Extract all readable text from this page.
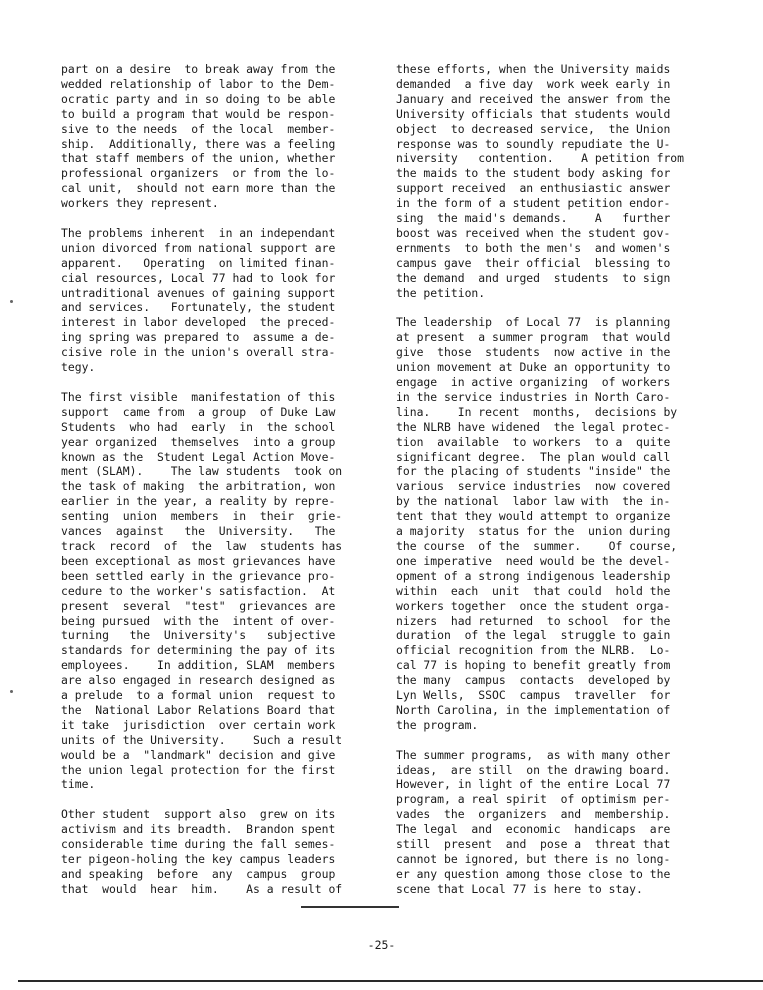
part on a desire  to break away from the
wedded relationship of labor to the Dem-
ocratic party and in so doing to be able
to build a program that would be respon-
sive to the needs  of the local  member-
ship.  Additionally, there was a feeling
that staff members of the union, whether
professional organizers  or from the lo-
cal unit,  should not earn more than the
workers they represent.
The problems inherent  in an independant
union divorced from national support are
apparent.   Operating  on limited finan-
cial resources, Local 77 had to look for
untraditional avenues of gaining support
and services.   Fortunately, the student
interest in labor developed  the preced-
ing spring was prepared to  assume a de-
cisive role in the union's overall stra-
tegy.
The first visible  manifestation of this
support  came from  a group  of Duke Law
Students  who had  early  in  the school
year organized  themselves  into a group
known as the  Student Legal Action Move-
ment (SLAM).    The law students  took on
the task of making  the arbitration, won
earlier in the year, a reality by repre-
senting  union  members  in  their  grie-
vances  against   the  University.   The
track  record  of  the  law  students has
been exceptional as most grievances have
been settled early in the grievance pro-
cedure to the worker's satisfaction.  At
present  several  "test"  grievances are
being pursued  with the  intent of over-
turning   the  University's   subjective
standards for determining the pay of its
employees.    In addition, SLAM  members
are also engaged in research designed as
a prelude  to a formal union  request to
the  National Labor Relations Board that
it take  jurisdiction  over certain work
units of the University.    Such a result
would be a  "landmark" decision and give
the union legal protection for the first
time.
Other student  support also  grew on its
activism and its breadth.  Brandon spent
considerable time during the fall semes-
ter pigeon-holing the key campus leaders
and speaking  before  any  campus  group
that  would  hear  him.    As a result of
these efforts, when the University maids
demanded  a five day  work week early in
January and received the answer from the
University officials that students would
object  to decreased service,  the Union
response was to soundly repudiate the U-
niversity   contention.    A petition from
the maids to the student body asking for
support received  an enthusiastic answer
in the form of a student petition endor-
sing  the maid's demands.    A   further
boost was received when the student gov-
ernments  to both the men's  and women's
campus gave  their official  blessing to
the demand  and urged  students  to sign
the petition.
The leadership  of Local 77  is planning
at present  a summer program  that would
give  those  students  now active in the
union movement at Duke an opportunity to
engage  in active organizing  of workers
in the service industries in North Caro-
lina.    In recent  months,  decisions by
the NLRB have widened  the legal protec-
tion  available  to workers  to a  quite
significant degree.  The plan would call
for the placing of students "inside" the
various  service industries  now covered
by the national  labor law with  the in-
tent that they would attempt to organize
a majority  status for the  union during
the course  of the  summer.    Of course,
one imperative  need would be the devel-
opment of a strong indigenous leadership
within  each  unit  that could  hold the
workers together  once the student orga-
nizers  had returned  to school  for the
duration  of the legal  struggle to gain
official recognition from the NLRB.  Lo-
cal 77 is hoping to benefit greatly from
the many  campus  contacts  developed by
Lyn Wells,  SSOC  campus  traveller  for
North Carolina, in the implementation of
the program.
The summer programs,  as with many other
ideas,  are still  on the drawing board.
However, in light of the entire Local 77
program, a real spirit  of optimism per-
vades  the  organizers  and  membership.
The legal  and  economic  handicaps  are
still  present  and  pose a  threat that
cannot be ignored, but there is no long-
er any question among those close to the
scene that Local 77 is here to stay.
-25-
